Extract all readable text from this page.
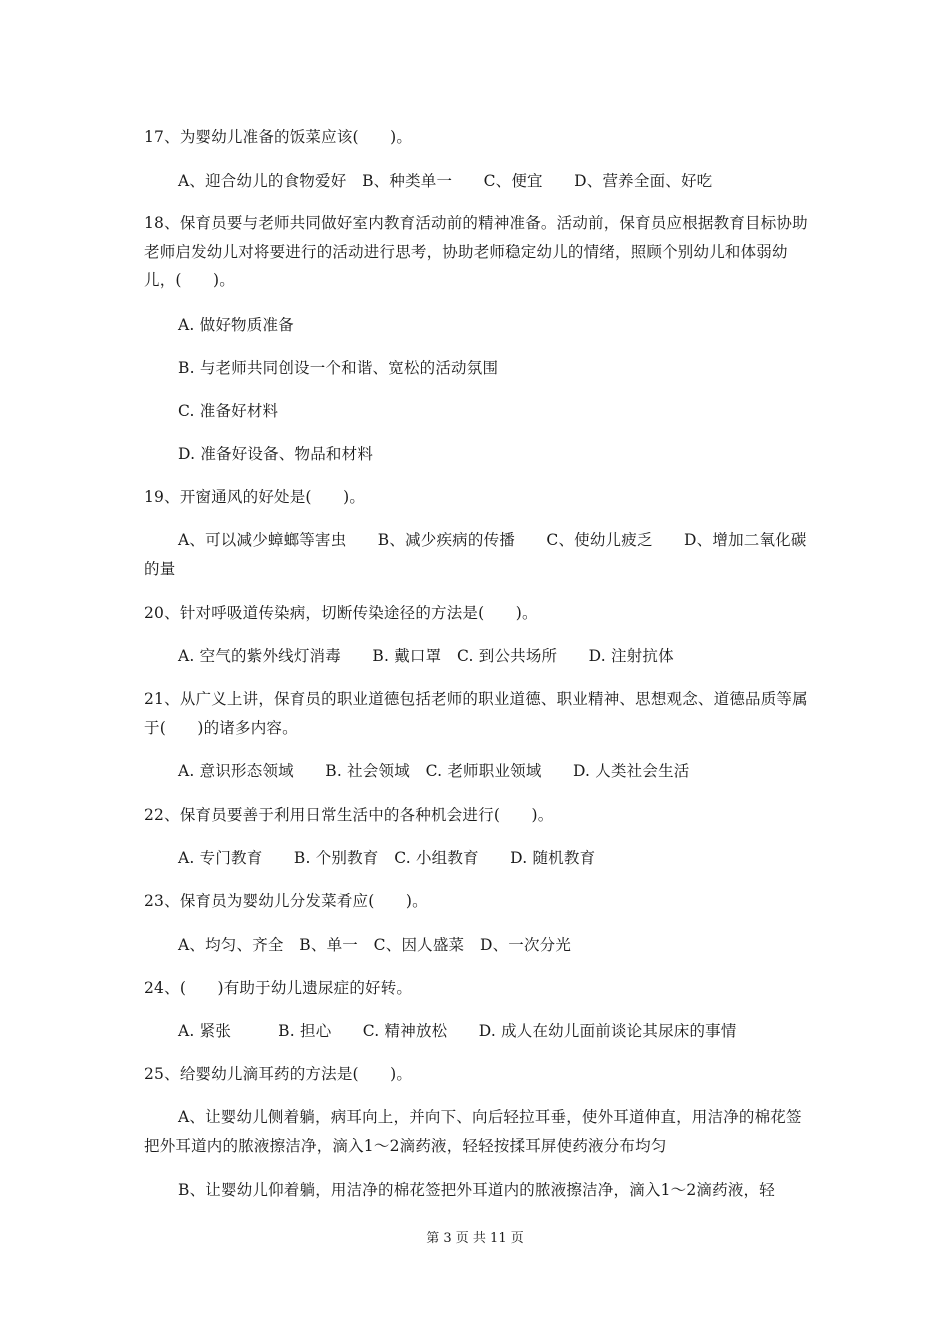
17、为婴幼儿准备的饭菜应该(　　)。
A、迎合幼儿的食物爱好　B、种类单一　　C、便宜　　D、营养全面、好吃
18、保育员要与老师共同做好室内教育活动前的精神准备。活动前，保育员应根据教育目标协助老师启发幼儿对将要进行的活动进行思考，协助老师稳定幼儿的情绪，照顾个别幼儿和体弱幼儿，(　　)。
A. 做好物质准备
B. 与老师共同创设一个和谐、宽松的活动氛围
C. 准备好材料
D. 准备好设备、物品和材料
19、开窗通风的好处是(　　)。
A、可以减少蟑螂等害虫　　B、减少疾病的传播　　C、使幼儿疲乏　　D、增加二氧化碳的量
20、针对呼吸道传染病，切断传染途径的方法是(　　)。
A. 空气的紫外线灯消毒　　B. 戴口罩　C. 到公共场所　　D. 注射抗体
21、从广义上讲，保育员的职业道德包括老师的职业道德、职业精神、思想观念、道德品质等属于(　　)的诸多内容。
A. 意识形态领域　　B. 社会领域　C. 老师职业领域　　D. 人类社会生活
22、保育员要善于利用日常生活中的各种机会进行(　　)。
A. 专门教育　　B. 个别教育　C. 小组教育　　D. 随机教育
23、保育员为婴幼儿分发菜肴应(　　)。
A、均匀、齐全　B、单一　C、因人盛菜　D、一次分光
24、(　　)有助于幼儿遗尿症的好转。
A. 紧张　　　B. 担心　　C. 精神放松　　D. 成人在幼儿面前谈论其尿床的事情
25、给婴幼儿滴耳药的方法是(　　)。
A、让婴幼儿侧着躺，病耳向上，并向下、向后轻拉耳垂，使外耳道伸直，用洁净的棉花签把外耳道内的脓液擦洁净，滴入1～2滴药液，轻轻按揉耳屏使药液分布均匀
B、让婴幼儿仰着躺，用洁净的棉花签把外耳道内的脓液擦洁净，滴入1～2滴药液，轻
第 3 页 共 11 页
